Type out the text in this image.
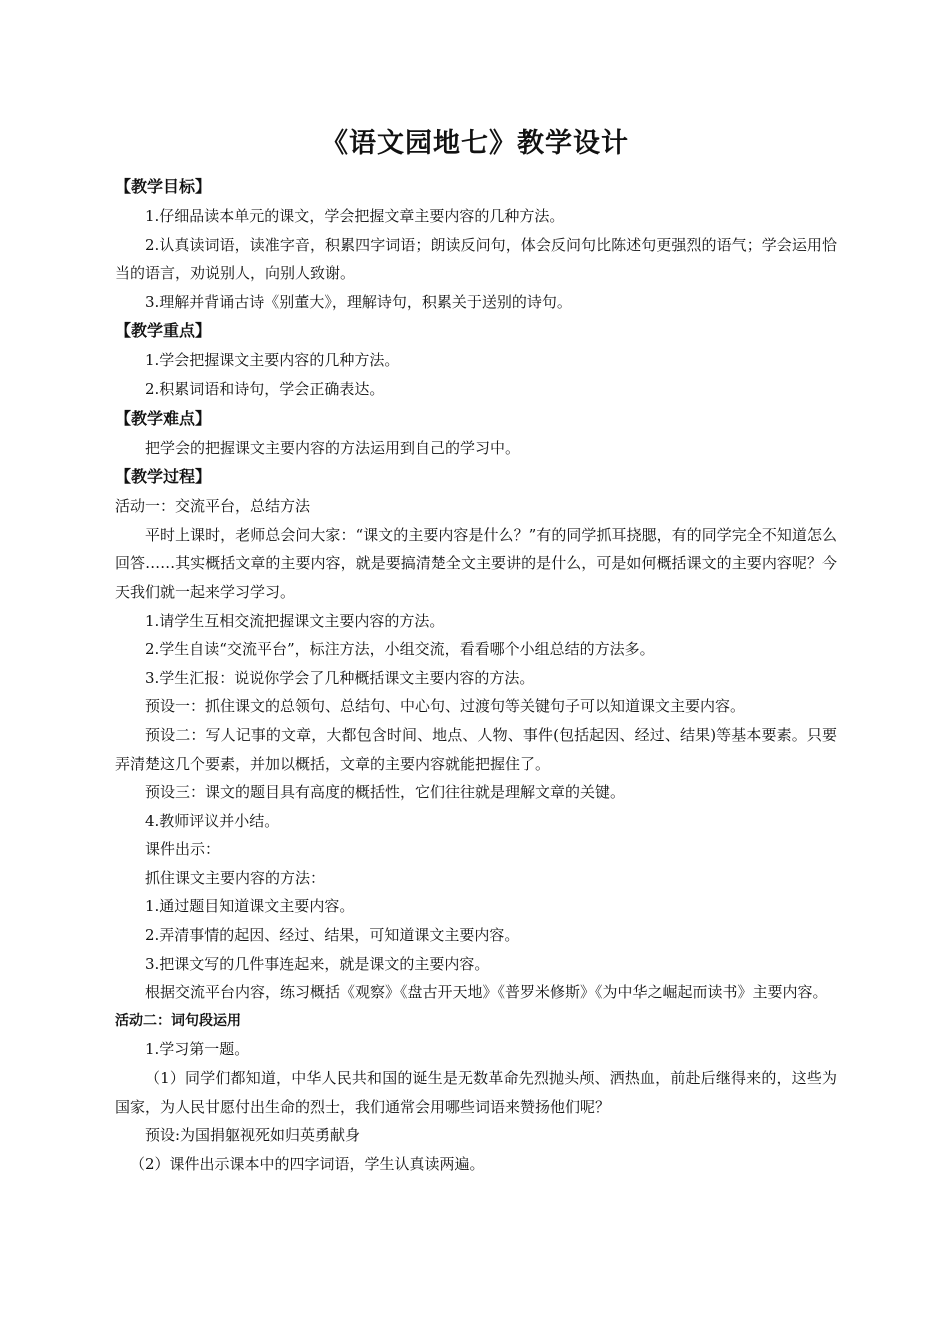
《语文园地七》教学设计

【教学目标】

1.仔细品读本单元的课文，学会把握文章主要内容的几种方法。

2.认真读词语，读准字音，积累四字词语；朗读反问句，体会反问句比陈述句更强烈的语气；学会运用恰当的语言，劝说别人，向别人致谢。

3.理解并背诵古诗《别董大》，理解诗句，积累关于送别的诗句。

【教学重点】

1.学会把握课文主要内容的几种方法。

2.积累词语和诗句，学会正确表达。

【教学难点】

把学会的把握课文主要内容的方法运用到自己的学习中。

【教学过程】

活动一：交流平台，总结方法

平时上课时，老师总会问大家：“课文的主要内容是什么？”有的同学抓耳挠腮，有的同学完全不知道怎么回答……其实概括文章的主要内容，就是要搞清楚全文主要讲的是什么，可是如何概括课文的主要内容呢？今天我们就一起来学习学习。

1.请学生互相交流把握课文主要内容的方法。

2.学生自读“交流平台”，标注方法，小组交流，看看哪个小组总结的方法多。

3.学生汇报：说说你学会了几种概括课文主要内容的方法。

预设一：抓住课文的总领句、总结句、中心句、过渡句等关键句子可以知道课文主要内容。

预设二：写人记事的文章，大都包含时间、地点、人物、事件(包括起因、经过、结果)等基本要素。只要弄清楚这几个要素，并加以概括，文章的主要内容就能把握住了。

预设三：课文的题目具有高度的概括性，它们往往就是理解文章的关键。

4.教师评议并小结。

课件出示：

抓住课文主要内容的方法：

1.通过题目知道课文主要内容。

2.弄清事情的起因、经过、结果，可知道课文主要内容。

3.把课文写的几件事连起来，就是课文的主要内容。

根据交流平台内容，练习概括《观察》《盘古开天地》《普罗米修斯》《为中华之崛起而读书》主要内容。

活动二：词句段运用

1.学习第一题。

（1）同学们都知道，中华人民共和国的诞生是无数革命先烈抛头颅、洒热血，前赴后继得来的，这些为国家，为人民甘愿付出生命的烈士，我们通常会用哪些词语来赞扬他们呢？

预设:为国捐躯视死如归英勇献身

（2）课件出示课本中的四字词语，学生认真读两遍。
